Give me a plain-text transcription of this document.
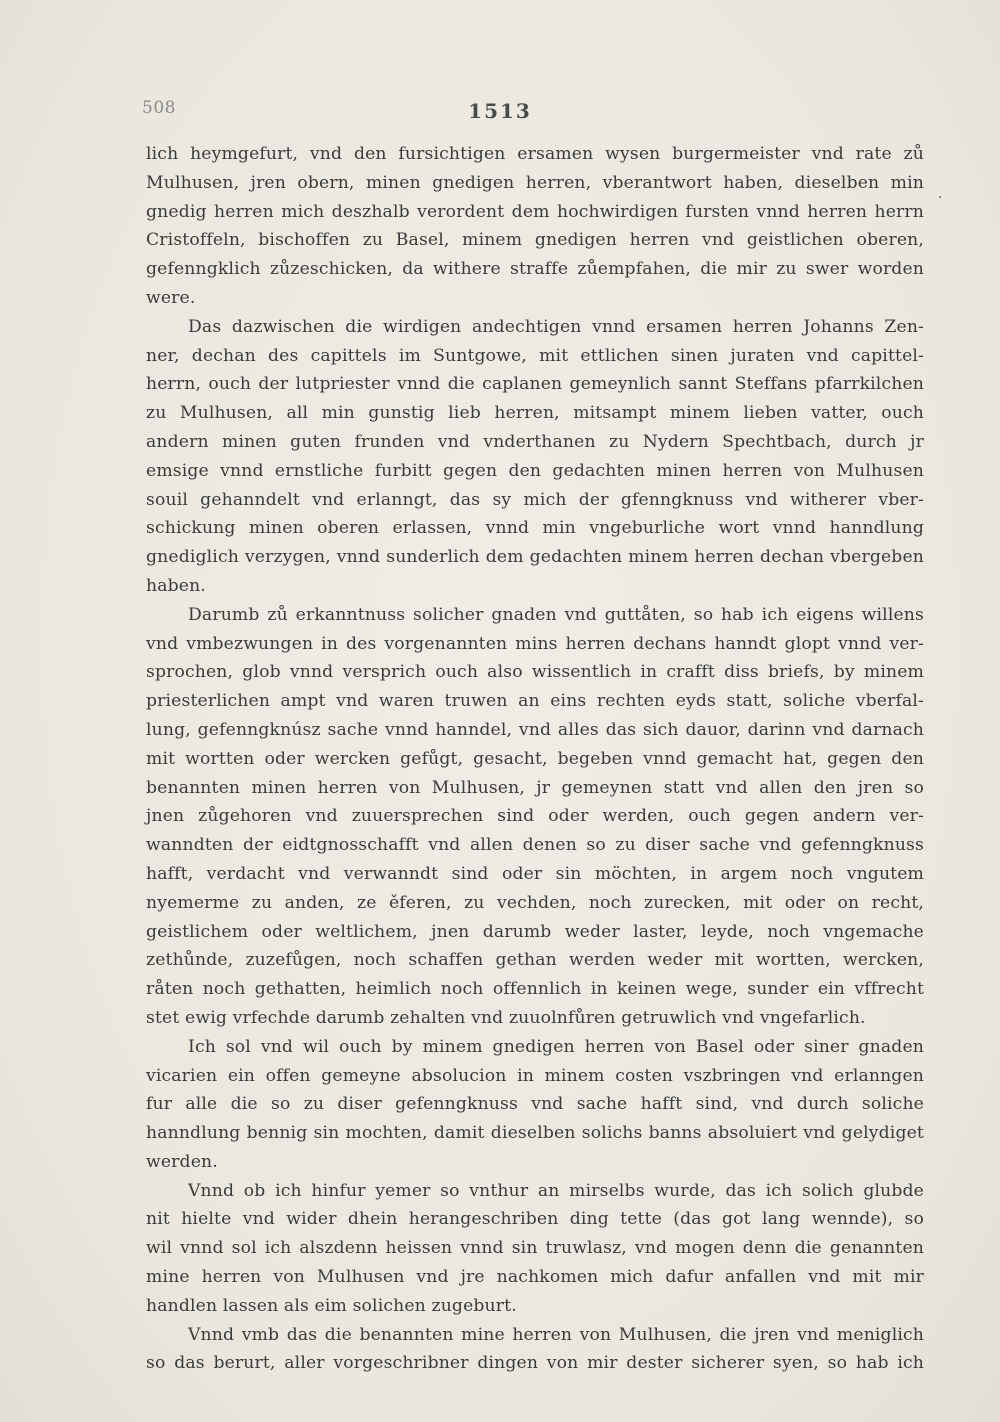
508	1513
.
lich heymgefurt, vnd den fursichtigen ersamen wysen burgermeister vnd rate zů
Mulhusen, jren obern, minen gnedigen herren, vberantwort haben, dieselben min
gnedig herren mich deszhalb verordent dem hochwirdigen fursten vnnd herren herrn
Cristoffeln, bischoffen zu Basel, minem gnedigen herren vnd geistlichen oberen,
gefenngklich zůzeschicken, da withere straffe zůempfahen, die mir zu swer worden
were.
Das dazwischen die wirdigen andechtigen vnnd ersamen herren Johanns Zen-
ner, dechan des capittels im Suntgowe, mit ettlichen sinen juraten vnd capittel-
herrn, ouch der lutpriester vnnd die caplanen gemeynlich sannt Steffans pfarrkilchen
zu Mulhusen, all min gunstig lieb herren, mitsampt minem lieben vatter, ouch
andern minen guten frunden vnd vnderthanen zu Nydern Spechtbach, durch jr
emsige vnnd ernstliche furbitt gegen den gedachten minen herren von Mulhusen
souil gehanndelt vnd erlanngt, das sy mich der gfenngknuss vnd witherer vber-
schickung minen oberen erlassen, vnnd min vngeburliche wort vnnd hanndlung
gnediglich verzygen, vnnd sunderlich dem gedachten minem herren dechan vbergeben
haben.
Darumb zů erkanntnuss solicher gnaden vnd guttåten, so hab ich eigens willens
vnd vmbezwungen in des vorgenannten mins herren dechans hanndt glopt vnnd ver-
sprochen, glob vnnd versprich ouch also wissentlich in crafft diss briefs, by minem
priesterlichen ampt vnd waren truwen an eins rechten eyds statt, soliche vberfal-
lung, gefenngknúsz sache vnnd hanndel, vnd alles das sich dauor, darinn vnd darnach
mit wortten oder wercken gefůgt, gesacht, begeben vnnd gemacht hat, gegen den
benannten minen herren von Mulhusen, jr gemeynen statt vnd allen den jren so
jnen zůgehoren vnd zuuersprechen sind oder werden, ouch gegen andern ver-
wanndten der eidtgnosschafft vnd allen denen so zu diser sache vnd gefenngknuss
hafft, verdacht vnd verwanndt sind oder sin möchten, in argem noch vngutem
nyemerme zu anden, ze ěferen, zu vechden, noch zurecken, mit oder on recht,
geistlichem oder weltlichem, jnen darumb weder laster, leyde, noch vngemache
zethůnde, zuzefůgen, noch schaffen gethan werden weder mit wortten, wercken,
råten noch gethatten, heimlich noch offennlich in keinen wege, sunder ein vffrecht
stet ewig vrfechde darumb zehalten vnd zuuolnfůren getruwlich vnd vngefarlich.
Ich sol vnd wil ouch by minem gnedigen herren von Basel oder siner gnaden
vicarien ein offen gemeyne absolucion in minem costen vszbringen vnd erlanngen
fur alle die so zu diser gefenngknuss vnd sache hafft sind, vnd durch soliche
hanndlung bennig sin mochten, damit dieselben solichs banns absoluiert vnd gelydiget
werden.
Vnnd ob ich hinfur yemer so vnthur an mirselbs wurde, das ich solich glubde
nit hielte vnd wider dhein herangeschriben ding tette (das got lang wennde), so
wil vnnd sol ich alszdenn heissen vnnd sin truwlasz, vnd mogen denn die genannten
mine herren von Mulhusen vnd jre nachkomen mich dafur anfallen vnd mit mir
handlen lassen als eim solichen zugeburt.
Vnnd vmb das die benannten mine herren von Mulhusen, die jren vnd meniglich
so das berurt, aller vorgeschribner dingen von mir dester sicherer syen, so hab ich
